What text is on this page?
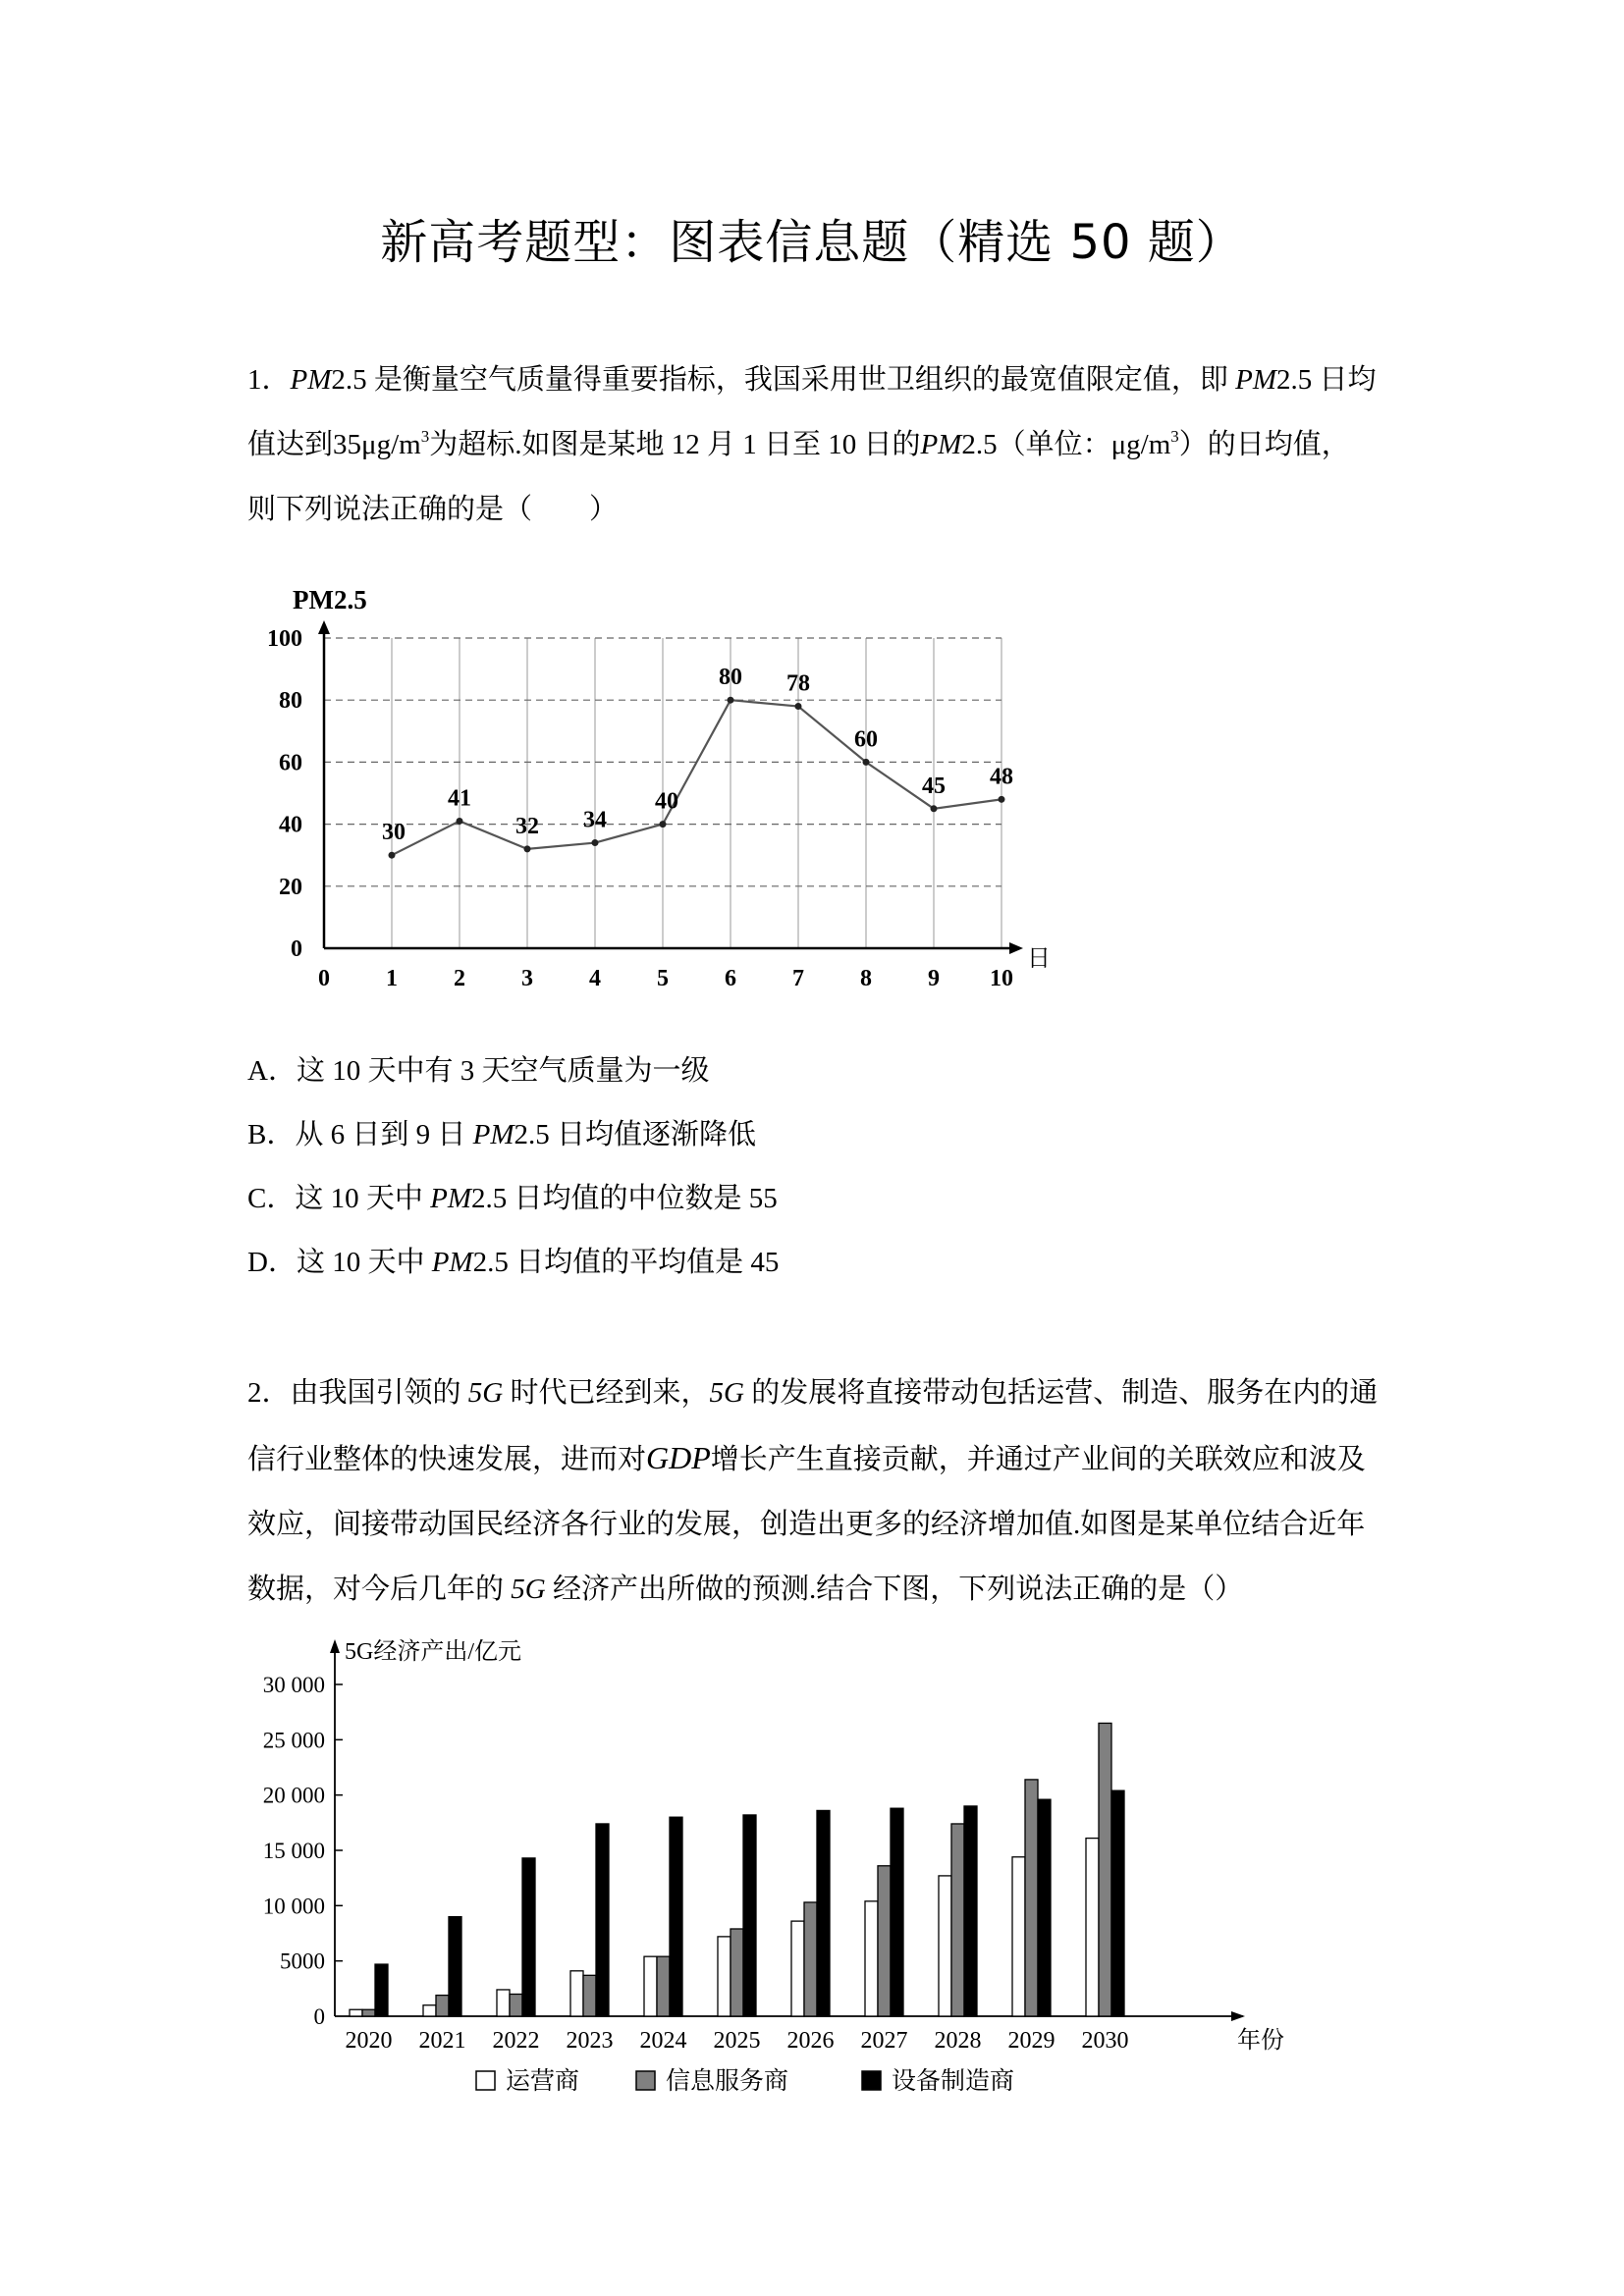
新高考题型：图表信息题（精选 50 题）
1．PM2.5 是衡量空气质量得重要指标，我国采用世卫组织的最宽值限定值，即 PM2.5 日均
值达到$35\mu g/m^3$为超标.如图是某地 12 月 1 日至 10 日的PM2.5（单位：$\mu g/m^3$）的日均值，
则下列说法正确的是（　　）
0
20
40
60
80
100
0 1 2 3 4 5 6 7 8 9 10
PM2.5
日
30
41
32 34
40
80 78
60
45 48
A．这 10 天中有 3 天空气质量为一级
B．从 6 日到 9 日 PM2.5 日均值逐渐降低
C．这 10 天中 PM2.5 日均值的中位数是 55
D．这 10 天中 PM2.5 日均值的平均值是 45
2．由我国引领的 5G 时代已经到来，5G 的发展将直接带动包括运营、制造、服务在内的通
信行业整体的快速发展，进而对GDP增长产生直接贡献，并通过产业间的关联效应和波及
效应，间接带动国民经济各行业的发展，创造出更多的经济增加值.如图是某单位结合近年
数据，对今后几年的 5G 经济产出所做的预测.结合下图，下列说法正确的是（）
0
5000
10 000
15 000
20 000
25 000
30 000
5G经济产出/亿元
2020 2021 2022 2023 2024 2025 2026 2027 2028 2029 2030	年份
运营商	信息服务商	设备制造商
